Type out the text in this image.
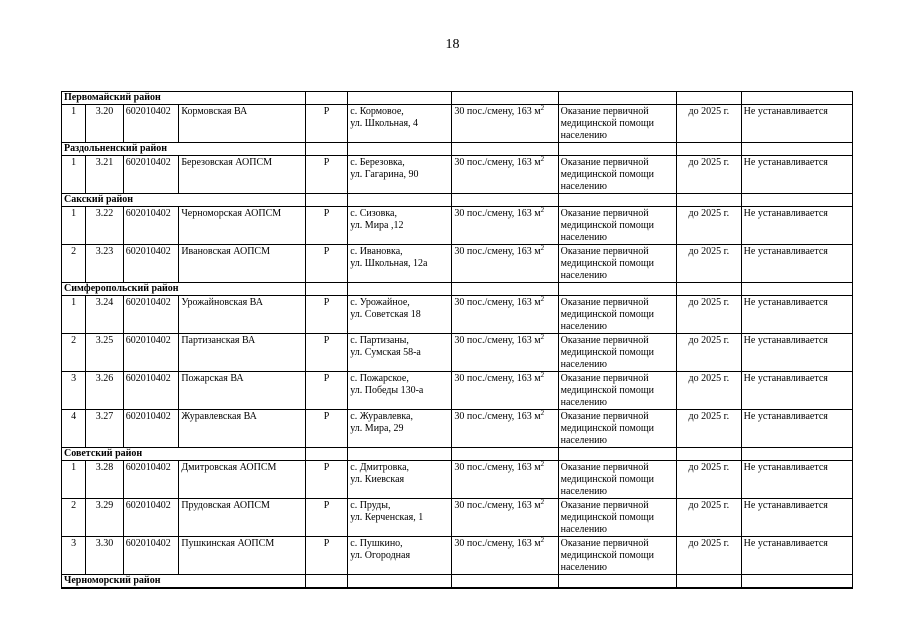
18
Первомайский район									
1	3.20	602010402	Кормовская ВА	Р	с. Кормовое,
ул. Школьная, 4	30 пос./смену, 163 $м^2$	Оказание первичной медицинской помощи населению	до 2025 г.	Не устанавливается
Раздольненский район									
1	3.21	602010402	Березовская АОПСМ	Р	с. Березовка,
ул. Гагарина, 90	30 пос./смену, 163 $м^2$	Оказание первичной медицинской помощи населению	до 2025 г.	Не устанавливается
Сакский район									
1	3.22	602010402	Черноморская АОПСМ	Р	с. Сизовка,
ул. Мира ,12	30 пос./смену, 163 $м^2$	Оказание первичной медицинской помощи населению	до 2025 г.	Не устанавливается
2	3.23	602010402	Ивановская АОПСМ	Р	с. Ивановка,
ул. Школьная, 12а	30 пос./смену, 163 $м^2$	Оказание первичной медицинской помощи населению	до 2025 г.	Не устанавливается
Симферопольский район									
1	3.24	602010402	Урожайновская ВА	Р	с. Урожайное,
ул. Советская 18	30 пос./смену, 163 $м^2$	Оказание первичной медицинской помощи населению	до 2025 г.	Не устанавливается
2	3.25	602010402	Партизанская ВА	Р	с. Партизаны,
ул. Сумская 58-а	30 пос./смену, 163 $м^2$	Оказание первичной медицинской помощи населению	до 2025 г.	Не устанавливается
3	3.26	602010402	Пожарская ВА	Р	с. Пожарское,
ул. Победы 130-а	30 пос./смену, 163 $м^2$	Оказание первичной медицинской помощи населению	до 2025 г.	Не устанавливается
4	3.27	602010402	Журавлевская ВА	Р	с. Журавлевка,
ул. Мира, 29	30 пос./смену, 163 $м^2$	Оказание первичной медицинской помощи населению	до 2025 г.	Не устанавливается
Советский район									
1	3.28	602010402	Дмитровская АОПСМ	Р	с. Дмитровка,
ул. Киевская	30 пос./смену, 163 $м^2$	Оказание первичной медицинской помощи населению	до 2025 г.	Не устанавливается
2	3.29	602010402	Прудовская АОПСМ	Р	с. Пруды,
ул. Керченская, 1	30 пос./смену, 163 $м^2$	Оказание первичной медицинской помощи населению	до 2025 г.	Не устанавливается
3	3.30	602010402	Пушкинская АОПСМ	Р	с. Пушкино,
ул. Огородная	30 пос./смену, 163 $м^2$	Оказание первичной медицинской помощи населению	до 2025 г.	Не устанавливается
Черноморский район									
